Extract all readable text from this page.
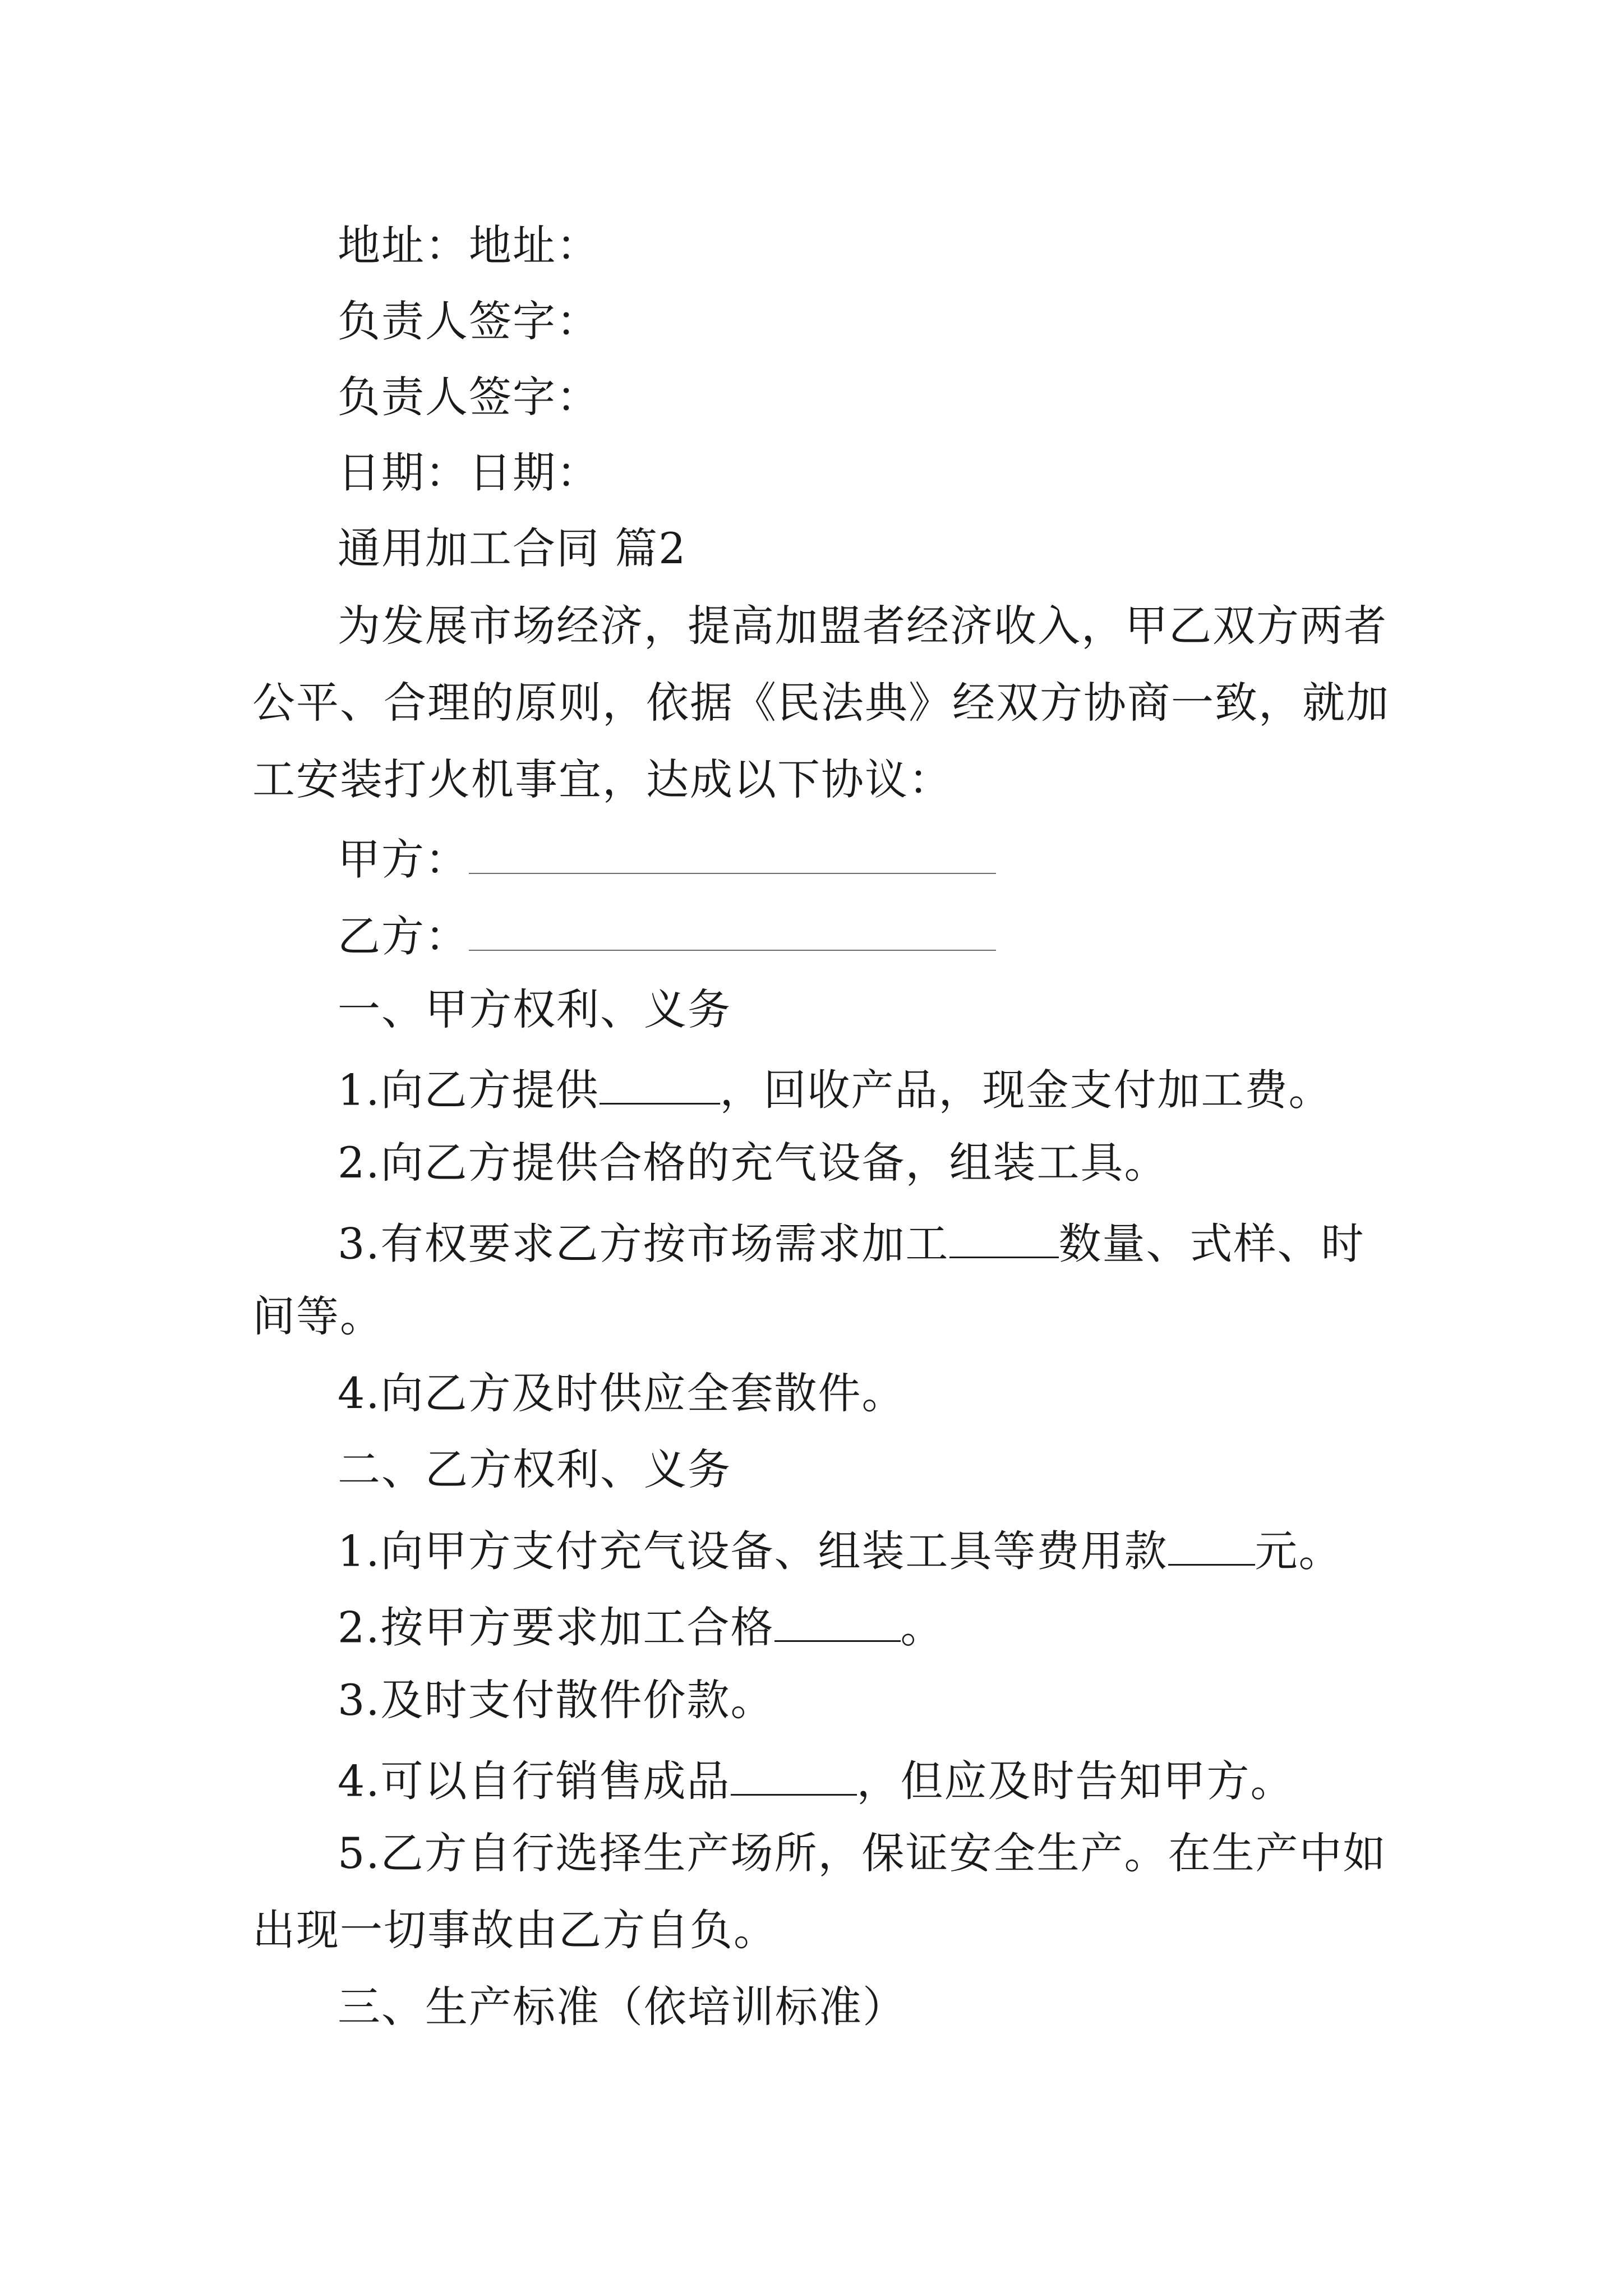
地址：地址：
负责人签字：
负责人签字：
日期：日期：
通用加工合同 篇2
为发展市场经济，提高加盟者经济收入，甲乙双方两者
公平、合理的原则，依据《民法典》经双方协商一致，就加
工安装打火机事宜，达成以下协议：
甲方：
乙方：
一、甲方权利、义务
1.向乙方提供	，回收产品，现金支付加工费。
2.向乙方提供合格的充气设备，组装工具。
3.有权要求乙方按市场需求加工	数量、式样、时
间等。
4.向乙方及时供应全套散件。
二、乙方权利、义务
1.向甲方支付充气设备、组装工具等费用款 元。
2.按甲方要求加工合格	。
3.及时支付散件价款。
4.可以自行销售成品	，但应及时告知甲方。
5.乙方自行选择生产场所，保证安全生产。在生产中如
出现一切事故由乙方自负。
三、生产标准（依培训标准）
